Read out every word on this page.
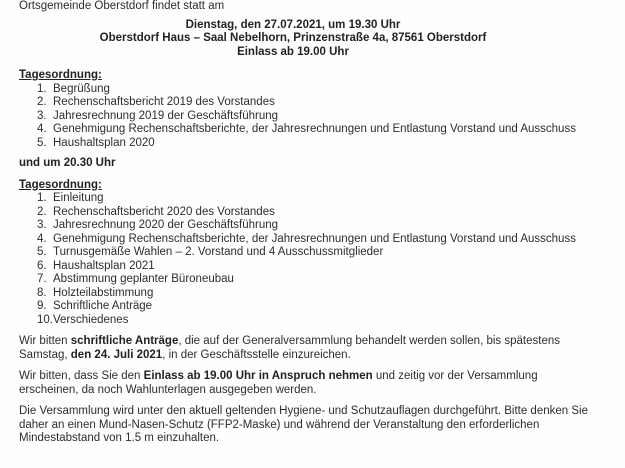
Ortsgemeinde Oberstdorf findet statt am

Dienstag, den 27.07.2021, um 19.30 Uhr
Oberstdorf Haus – Saal Nebelhorn, Prinzenstraße 4a, 87561 Oberstdorf
Einlass ab 19.00 Uhr
Tagesordnung:
1. Begrüßung
2. Rechenschaftsbericht 2019 des Vorstandes
3. Jahresrechnung 2019 der Geschäftsführung
4. Genehmigung Rechenschaftsberichte, der Jahresrechnungen und Entlastung Vorstand und Ausschuss
5. Haushaltsplan 2020

und um 20.30 Uhr

Tagesordnung:
1. Einleitung
2. Rechenschaftsbericht 2020 des Vorstandes
3. Jahresrechnung 2020 der Geschäftsführung
4. Genehmigung Rechenschaftsberichte, der Jahresrechnungen und Entlastung Vorstand und Ausschuss
5. Turnusgemäße Wahlen – 2. Vorstand und 4 Ausschussmitglieder
6. Haushaltsplan 2021
7. Abstimmung geplanter Büroneubau
8. Holzteilabstimmung
9. Schriftliche Anträge
10. Verschiedenes

Wir bitten schriftliche Anträge, die auf der Generalversammlung behandelt werden sollen, bis spätestens Samstag, den 24. Juli 2021, in der Geschäftsstelle einzureichen.

Wir bitten, dass Sie den Einlass ab 19.00 Uhr in Anspruch nehmen und zeitig vor der Versammlung erscheinen, da noch Wahlunterlagen ausgegeben werden.

Die Versammlung wird unter den aktuell geltenden Hygiene- und Schutzauflagen durchgeführt. Bitte denken Sie daher an einen Mund-Nasen-Schutz (FFP2-Maske) und während der Veranstaltung den erforderlichen Mindestabstand von 1.5 m einzuhalten.
